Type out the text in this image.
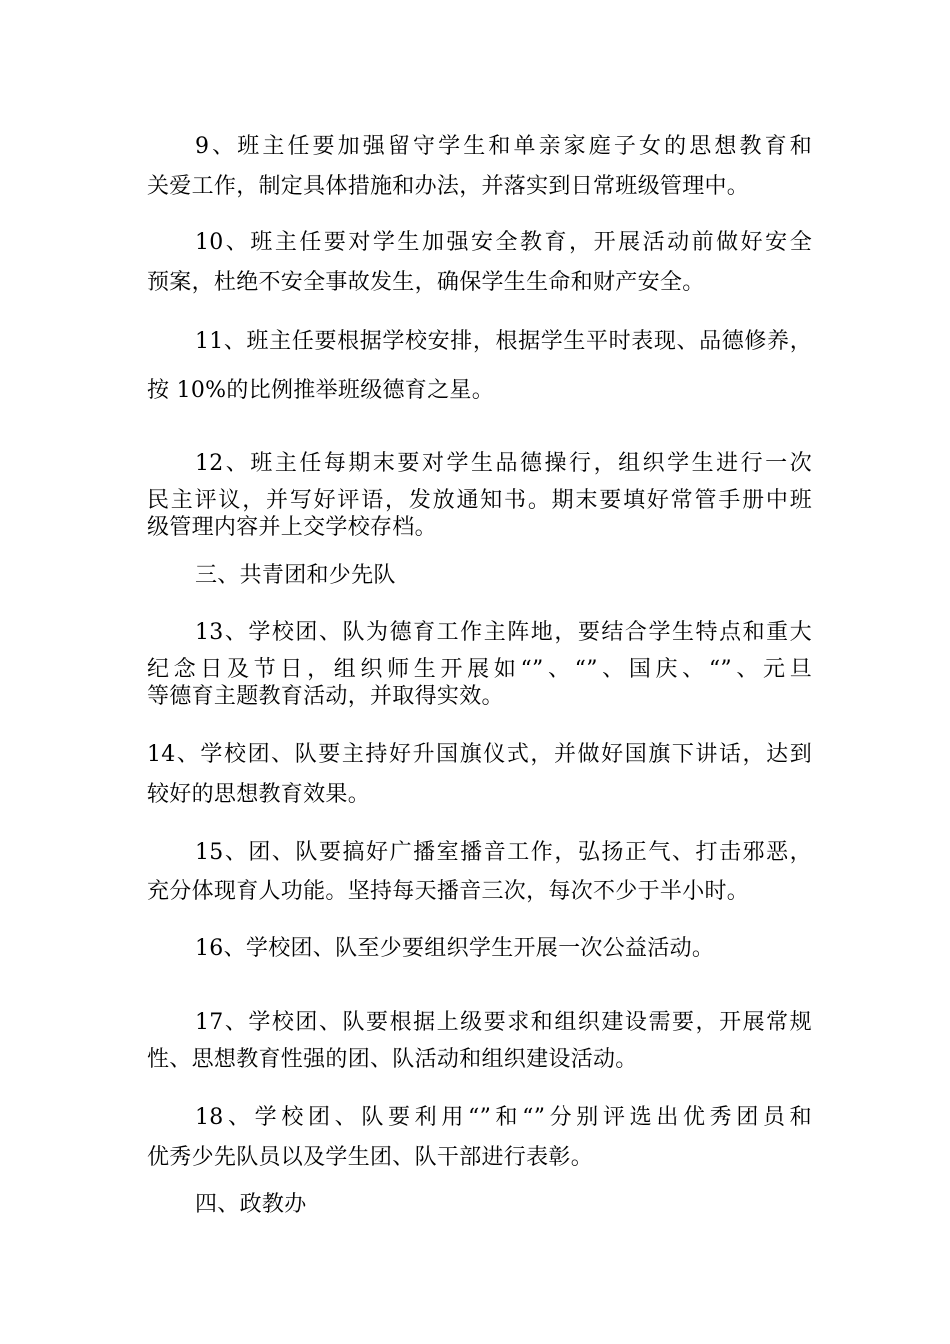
9、班主任要加强留守学生和单亲家庭子女的思想教育和
关爱工作，制定具体措施和办法，并落实到日常班级管理中。
10、班主任要对学生加强安全教育，开展活动前做好安全
预案，杜绝不安全事故发生，确保学生生命和财产安全。
11、班主任要根据学校安排，根据学生平时表现、品德修养，
按 10%的比例推举班级德育之星。
12、班主任每期末要对学生品德操行，组织学生进行一次
民主评议，并写好评语，发放通知书。期末要填好常管手册中班
级管理内容并上交学校存档。
三、共青团和少先队
13、学校团、队为德育工作主阵地，要结合学生特点和重大
纪念日及节日，组织师生开展如“”、“”、国庆、“”、元旦
等德育主题教育活动，并取得实效。
14、学校团、队要主持好升国旗仪式，并做好国旗下讲话，达到
较好的思想教育效果。
15、团、队要搞好广播室播音工作，弘扬正气、打击邪恶，
充分体现育人功能。坚持每天播音三次，每次不少于半小时。
16、学校团、队至少要组织学生开展一次公益活动。
17、学校团、队要根据上级要求和组织建设需要，开展常规
性、思想教育性强的团、队活动和组织建设活动。
18、学校团、队要利用“”和“”分别评选出优秀团员和
优秀少先队员以及学生团、队干部进行表彰。
四、政教办
